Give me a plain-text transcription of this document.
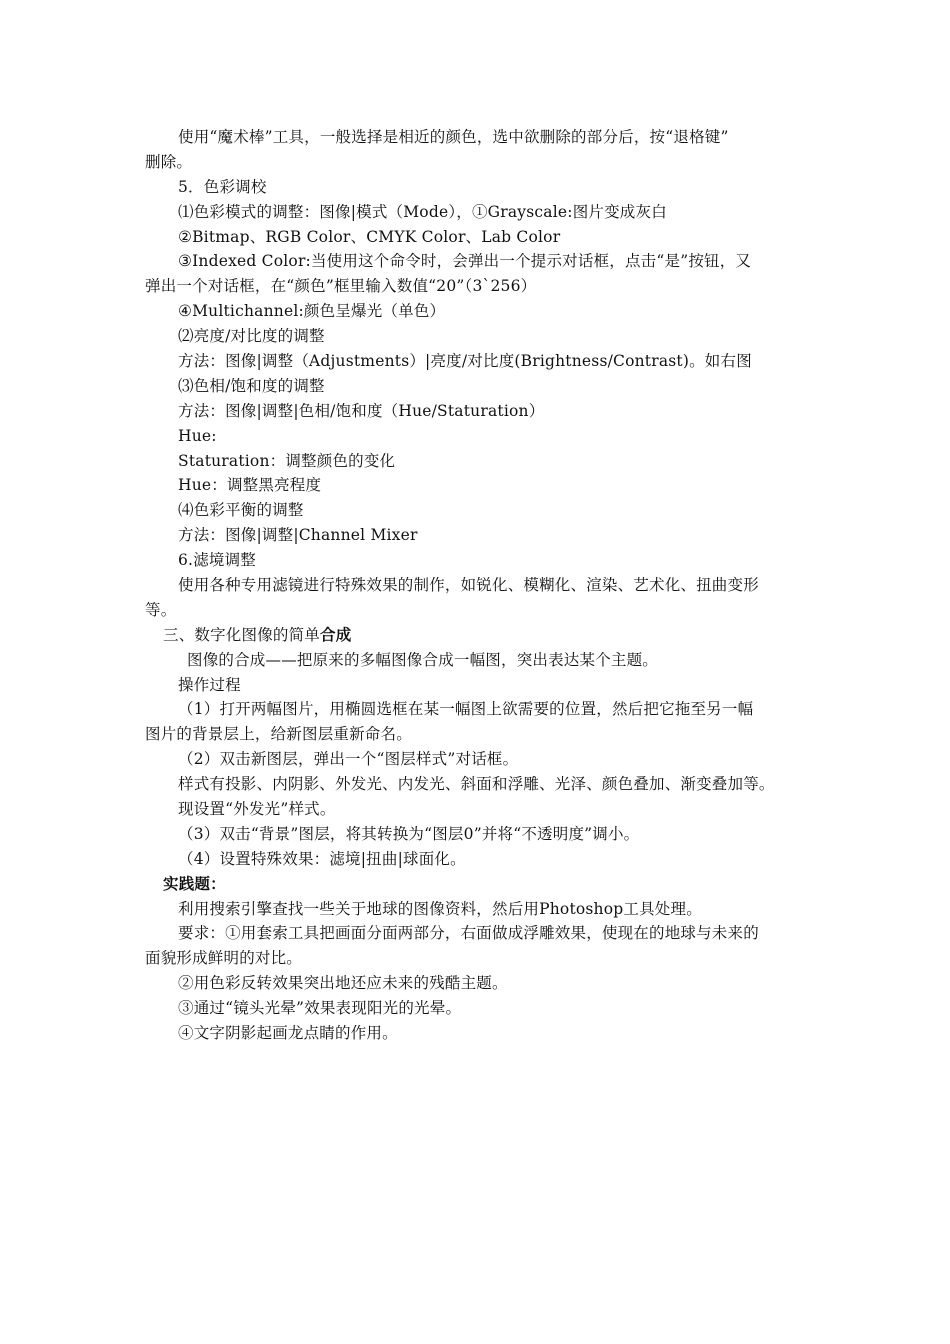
使用“魔术棒”工具，一般选择是相近的颜色，选中欲删除的部分后，按“退格键”
删除。
5．色彩调校
⑴色彩模式的调整：图像|模式（Mode），①Grayscale:图片变成灰白
②Bitmap、RGB Color、CMYK Color、Lab Color
③Indexed Color:当使用这个命令时，会弹出一个提示对话框，点击“是”按钮，又
弹出一个对话框，在“颜色”框里输入数值“20”（3`256）
④Multichannel:颜色呈爆光（单色）
⑵亮度/对比度的调整
方法：图像|调整（Adjustments）|亮度/对比度(Brightness/Contrast)。如右图
⑶色相/饱和度的调整
方法：图像|调整|色相/饱和度（Hue/Staturation）
Hue:
Staturation：调整颜色的变化
Hue：调整黑亮程度
⑷色彩平衡的调整
方法：图像|调整|Channel Mixer
6.滤境调整
使用各种专用滤镜进行特殊效果的制作，如锐化、模糊化、渲染、艺术化、扭曲变形
等。
三、数字化图像的简单合成
图像的合成——把原来的多幅图像合成一幅图，突出表达某个主题。
操作过程
（1）打开两幅图片，用椭圆选框在某一幅图上欲需要的位置，然后把它拖至另一幅
图片的背景层上，给新图层重新命名。
（2）双击新图层，弹出一个“图层样式”对话框。
样式有投影、内阴影、外发光、内发光、斜面和浮雕、光泽、颜色叠加、渐变叠加等。
现设置“外发光”样式。
（3）双击“背景”图层，将其转换为“图层0”并将“不透明度”调小。
（4）设置特殊效果：滤境|扭曲|球面化。
实践题：
利用搜索引擎查找一些关于地球的图像资料，然后用Photoshop工具处理。
要求：①用套索工具把画面分面两部分，右面做成浮雕效果，使现在的地球与未来的
面貌形成鲜明的对比。
②用色彩反转效果突出地还应未来的残酷主题。
③通过“镜头光晕”效果表现阳光的光晕。
④文字阴影起画龙点睛的作用。
